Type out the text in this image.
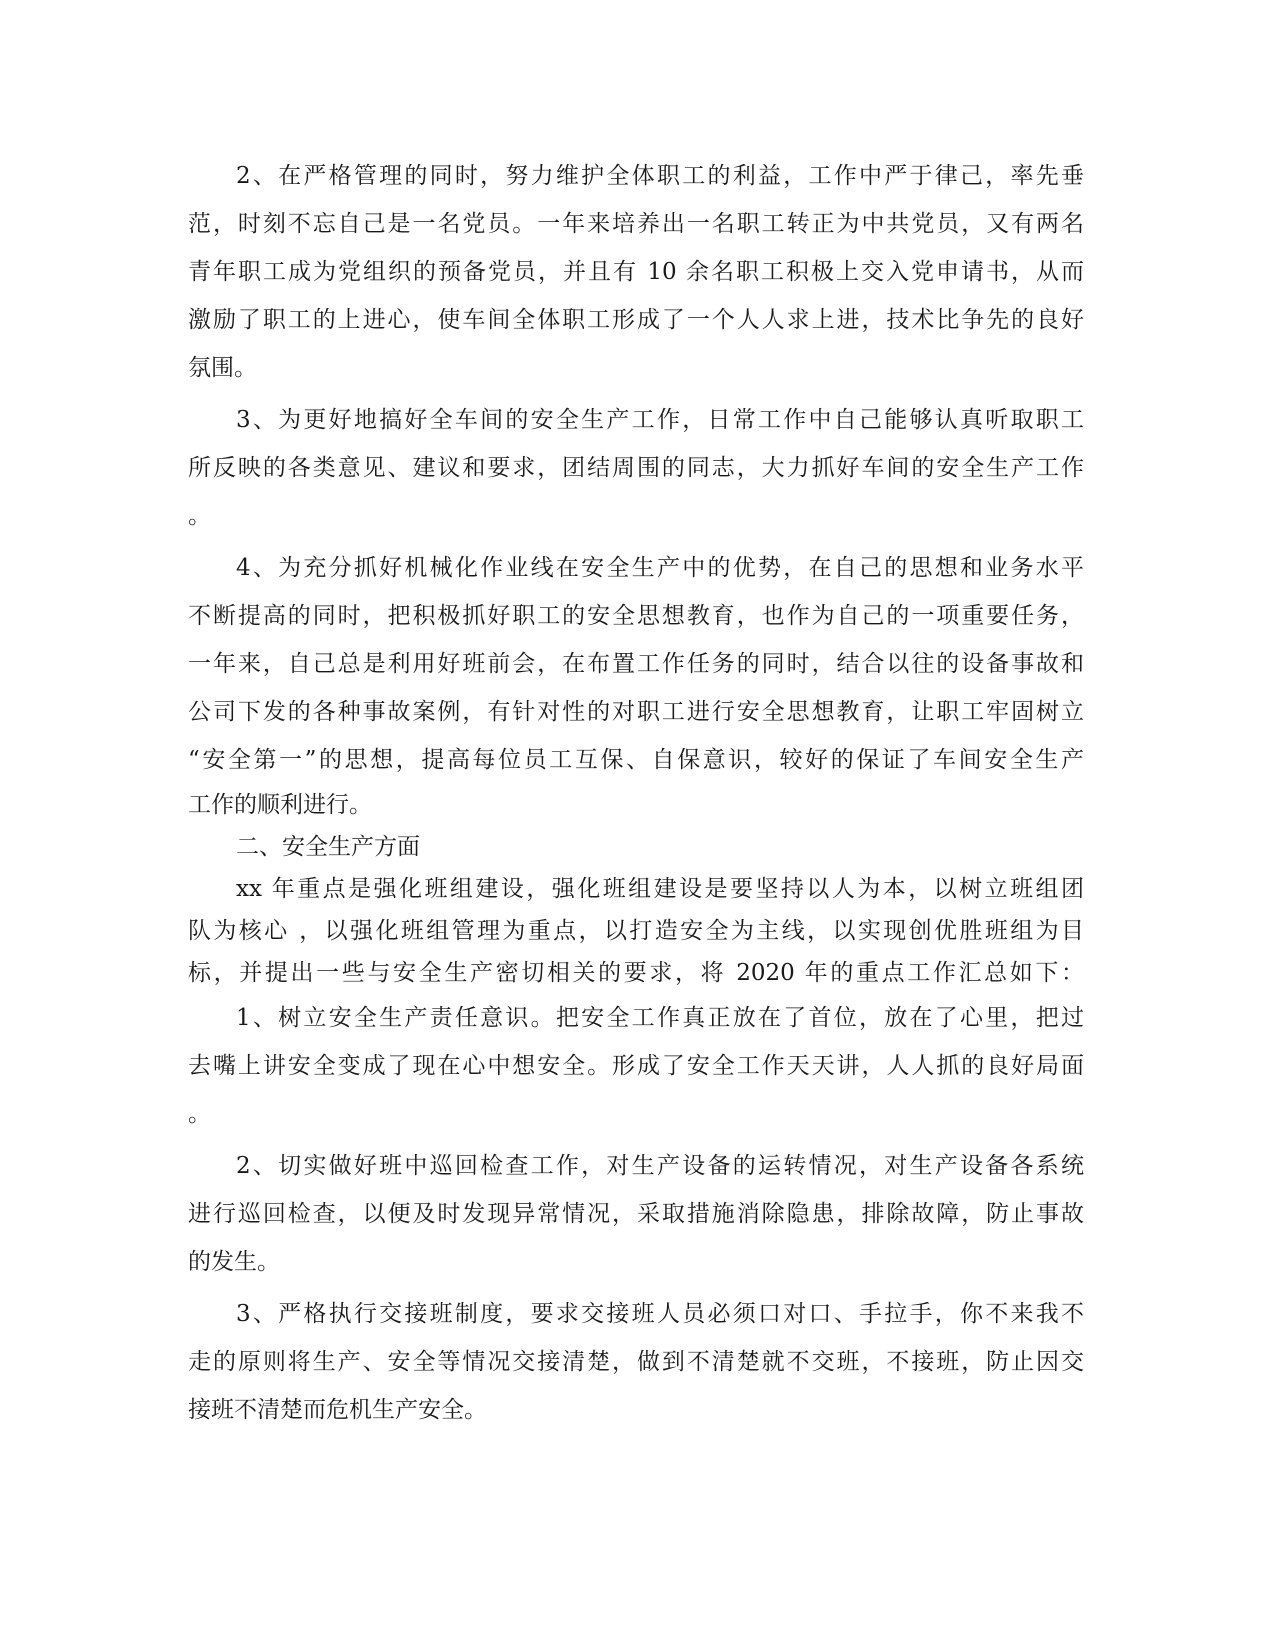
2、在严格管理的同时，努力维护全体职工的利益，工作中严于律己，率先垂
范，时刻不忘自己是一名党员。一年来培养出一名职工转正为中共党员，又有两名
青年职工成为党组织的预备党员，并且有 10 余名职工积极上交入党申请书，从而
激励了职工的上进心，使车间全体职工形成了一个人人求上进，技术比争先的良好
氛围。
3、为更好地搞好全车间的安全生产工作，日常工作中自己能够认真听取职工
所反映的各类意见、建议和要求，团结周围的同志，大力抓好车间的安全生产工作
。
4、为充分抓好机械化作业线在安全生产中的优势，在自己的思想和业务水平
不断提高的同时，把积极抓好职工的安全思想教育，也作为自己的一项重要任务，
一年来，自己总是利用好班前会，在布置工作任务的同时，结合以往的设备事故和
公司下发的各种事故案例，有针对性的对职工进行安全思想教育，让职工牢固树立
“安全第一”的思想，提高每位员工互保、自保意识，较好的保证了车间安全生产
工作的顺利进行。
二、安全生产方面
xx 年重点是强化班组建设，强化班组建设是要坚持以人为本，以树立班组团
队为核心 ，以强化班组管理为重点，以打造安全为主线，以实现创优胜班组为目
标，并提出一些与安全生产密切相关的要求，将 2020 年的重点工作汇总如下：
1、树立安全生产责任意识。把安全工作真正放在了首位，放在了心里，把过
去嘴上讲安全变成了现在心中想安全。形成了安全工作天天讲，人人抓的良好局面
。
2、切实做好班中巡回检查工作，对生产设备的运转情况，对生产设备各系统
进行巡回检查，以便及时发现异常情况，采取措施消除隐患，排除故障，防止事故
的发生。
3、严格执行交接班制度，要求交接班人员必须口对口、手拉手，你不来我不
走的原则将生产、安全等情况交接清楚，做到不清楚就不交班，不接班，防止因交
接班不清楚而危机生产安全。
